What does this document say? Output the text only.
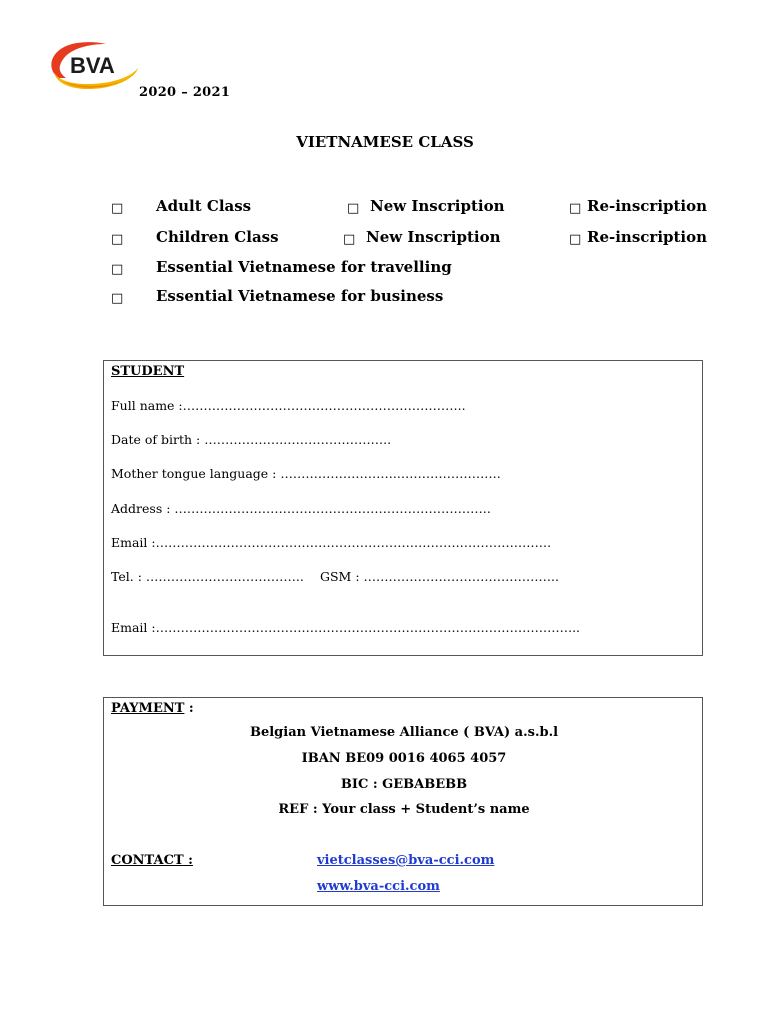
BVA
2020 – 2021
VIETNAMESE CLASS
□ Adult Class	□ New Inscription	□ Re-inscription
□ Children Class	□ New Inscription	□ Re-inscription
□ Essential Vietnamese for travelling
□ Essential Vietnamese for business
STUDENT
Full name :…………………………………………………………..
Date of birth : ……………….……………………..
Mother tongue language : ……………………….…………………….
Address : ………………………………………………………………….
Email :……………………………………………………………….………………….
Tel. : ……………………………….. GSM : ………………………………………..
Email :…………………………………………………………………….…………………..
PAYMENT :
Belgian Vietnamese Alliance ( BVA) a.s.b.l
IBAN BE09 0016 4065 4057
BIC : GEBABEBB
REF : Your class + Student’s name
CONTACT :	vietclasses@bva-cci.com
www.bva-cci.com
